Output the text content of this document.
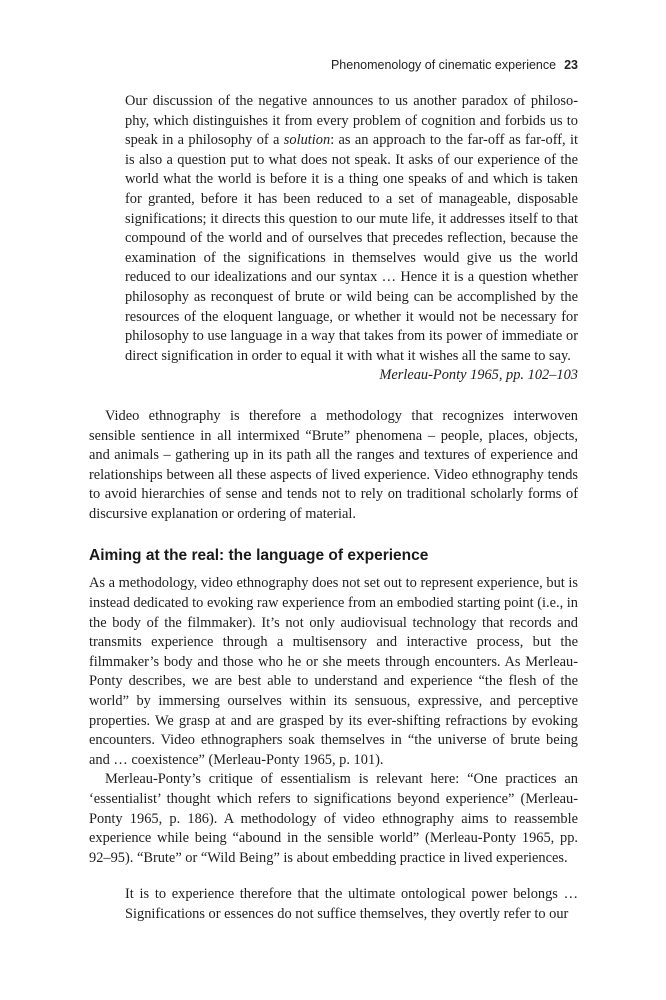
Phenomenology of cinematic experience 23

Our discussion of the negative announces to us another paradox of philosophy, which distinguishes it from every problem of cognition and forbids us to speak in a philosophy of a solution: as an approach to the far-off as far-off, it is also a question put to what does not speak. It asks of our experience of the world what the world is before it is a thing one speaks of and which is taken for granted, before it has been reduced to a set of manageable, disposable significations; it directs this question to our mute life, it addresses itself to that compound of the world and of ourselves that precedes reflection, because the examination of the significations in themselves would give us the world reduced to our idealizations and our syntax … Hence it is a question whether philosophy as reconquest of brute or wild being can be accomplished by the resources of the eloquent language, or whether it would not be necessary for philosophy to use language in a way that takes from its power of immediate or direct signification in order to equal it with what it wishes all the same to say.

Merleau-Ponty 1965, pp. 102–103

Video ethnography is therefore a methodology that recognizes interwoven sensible sentience in all intermixed “Brute” phenomena – people, places, objects, and animals – gathering up in its path all the ranges and textures of experience and relationships between all these aspects of lived experience. Video ethnography tends to avoid hierarchies of sense and tends not to rely on traditional scholarly forms of discursive explanation or ordering of material.

Aiming at the real: the language of experience

As a methodology, video ethnography does not set out to represent experience, but is instead dedicated to evoking raw experience from an embodied starting point (i.e., in the body of the filmmaker). It’s not only audiovisual technology that records and transmits experience through a multisensory and interactive process, but the filmmaker’s body and those who he or she meets through encounters. As Merleau-Ponty describes, we are best able to understand and experience “the flesh of the world” by immersing ourselves within its sensuous, expressive, and perceptive properties. We grasp at and are grasped by its ever-shifting refractions by evoking encounters. Video ethnographers soak themselves in “the universe of brute being and … coexistence” (Merleau-Ponty 1965, p. 101).

Merleau-Ponty’s critique of essentialism is relevant here: “One practices an ‘essentialist’ thought which refers to significations beyond experience” (Merleau-Ponty 1965, p. 186). A methodology of video ethnography aims to reassemble experience while being “abound in the sensible world” (Merleau-Ponty 1965, pp. 92–95). “Brute” or “Wild Being” is about embedding practice in lived experiences.

It is to experience therefore that the ultimate ontological power belongs … Significations or essences do not suffice themselves, they overtly refer to our
